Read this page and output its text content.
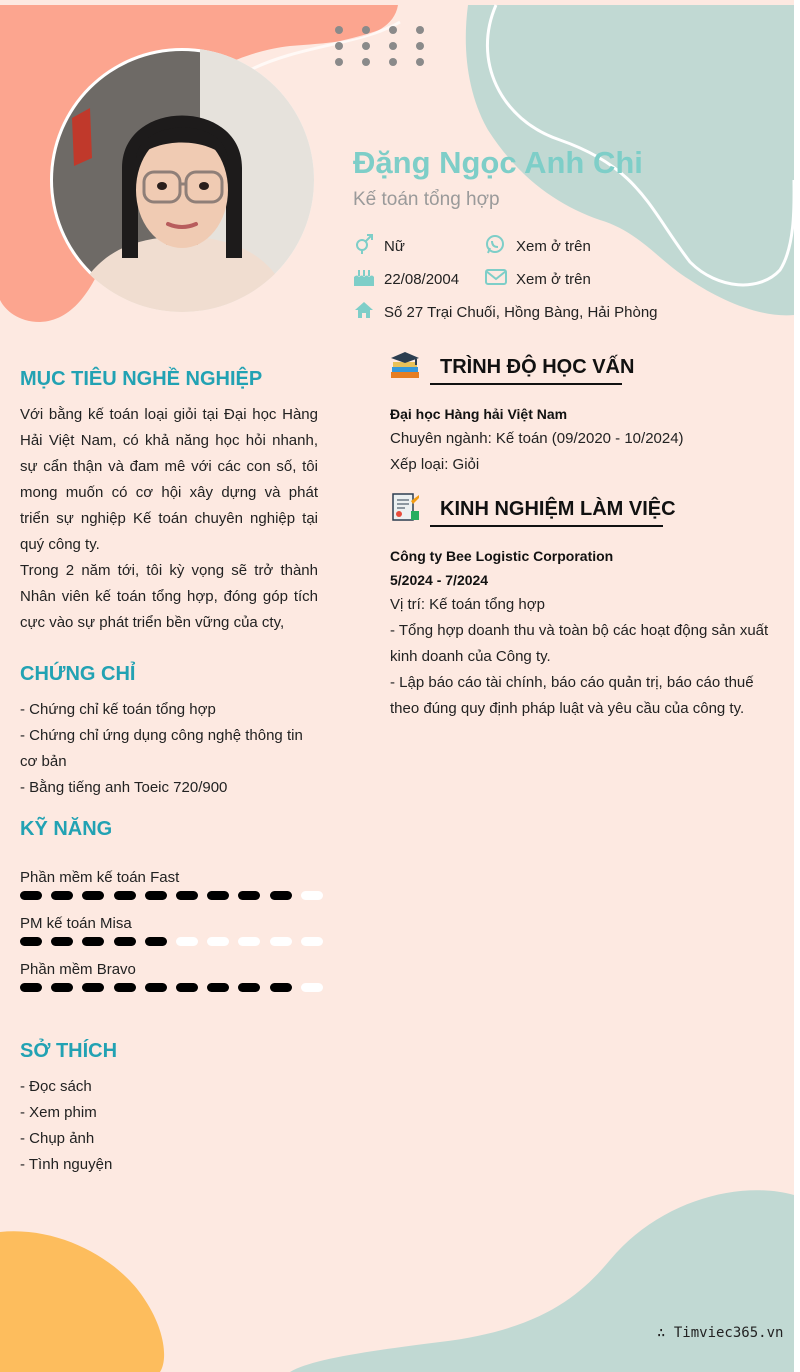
Đặng Ngọc Anh Chi
Kế toán tổng hợp
Nữ	Xem ở trên
22/08/2004	Xem ở trên
Số 27 Trại Chuối, Hồng Bàng, Hải Phòng
MỤC TIÊU NGHỀ NGHIỆP
Với bằng kế toán loại giỏi tại Đại học Hàng Hải Việt Nam, có khả năng học hỏi nhanh, sự cẩn thận và đam mê với các con số, tôi mong muốn có cơ hội xây dựng và phát triển sự nghiệp Kế toán chuyên nghiệp tại quý công ty.
Trong 2 năm tới, tôi kỳ vọng sẽ trở thành Nhân viên kế toán tổng hợp, đóng góp tích cực vào sự phát triển bền vững của cty,
CHỨNG CHỈ
- Chứng chỉ kế toán tổng hợp
- Chứng chỉ ứng dụng công nghệ thông tin cơ bản
- Bằng tiếng anh Toeic 720/900
KỸ NĂNG
Phần mềm kế toán Fast
PM kế toán Misa
Phần mềm Bravo
SỞ THÍCH
- Đọc sách
- Xem phim
- Chụp ảnh
- Tình nguyện
TRÌNH ĐỘ HỌC VẤN
Đại học Hàng hải Việt Nam
Chuyên ngành: Kế toán (09/2020 - 10/2024)
Xếp loại: Giỏi
KINH NGHIỆM LÀM VIỆC
Công ty Bee Logistic Corporation
5/2024 - 7/2024
Vị trí: Kế toán tổng hợp
- Tổng hợp doanh thu và toàn bộ các hoạt động sản xuất kinh doanh của Công ty.
- Lập báo cáo tài chính, báo cáo quản trị, báo cáo thuế theo đúng quy định pháp luật và yêu cầu của công ty.
∴ Timviec365.vn
